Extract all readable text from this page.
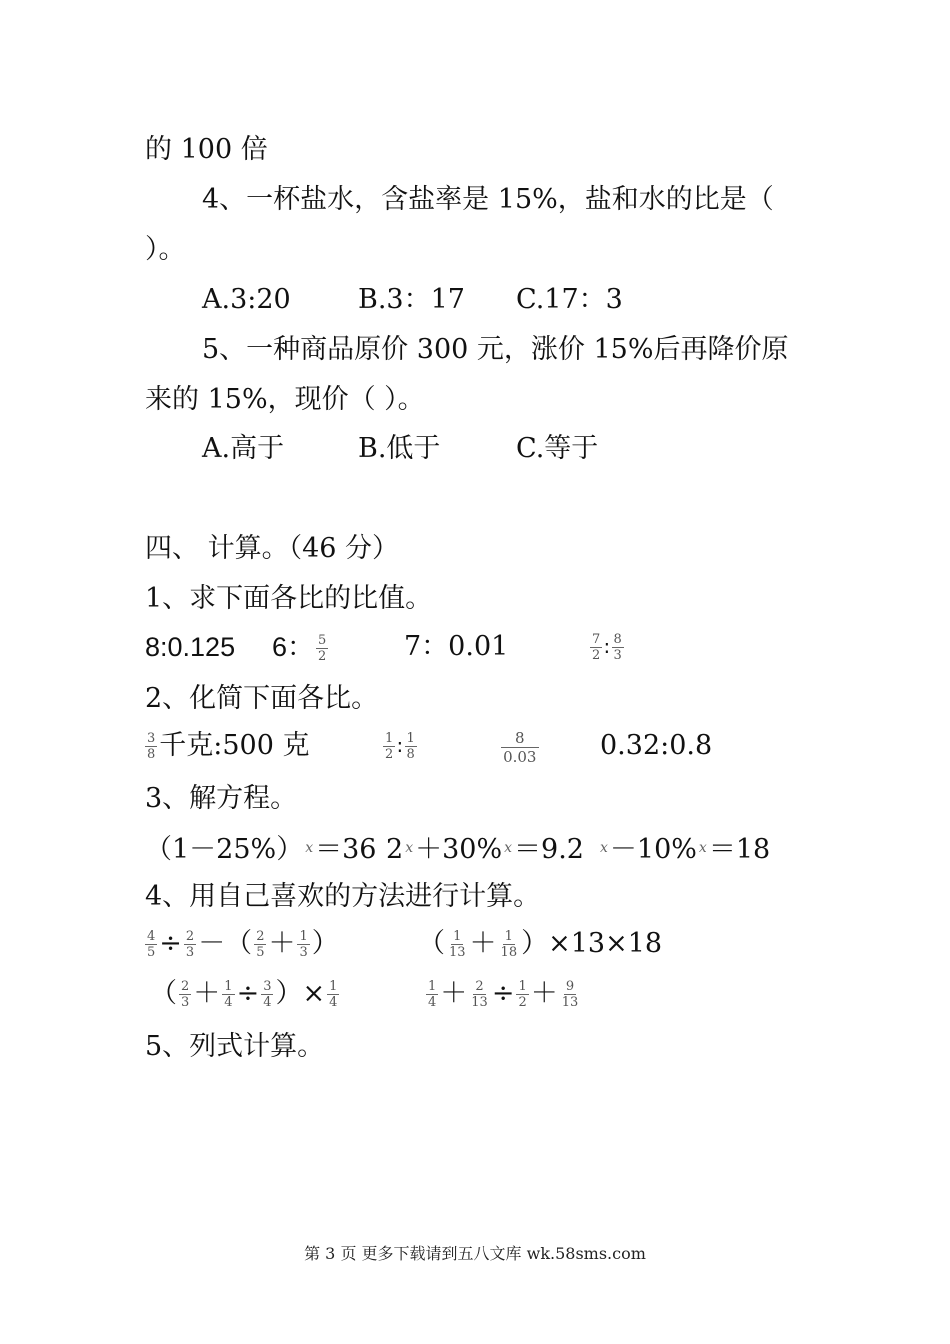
的 100 倍
4、一杯盐水，含盐率是 15%，盐和水的比是（
）。
A.3:20 B.3：17 C.17：3
5、一种商品原价 300 元，涨价 15%后再降价原
来的 15%，现价（ ）。
A.高于	B.低于	C.等于
四、 计算。（46 分）
1、求下面各比的比值。
8:0.125 6： $\frac{5}{2}$	7：0.01	$\frac{7}{2}$ ∶ $\frac{8}{3}$
2、化简下面各比。
$\frac{3}{8}$ 千克:500 克	$\frac{1}{2}$ ∶ $\frac{1}{8}$	$\frac{8}{0.03}$ 0.32:0.8
3、解方程。
（1－25%） $^x$＝36 2 $^x$＋30% $^x$＝9.2 $^x$－10% $^x$＝18
4、用自己喜欢的方法进行计算。
$\frac{4}{5} \div \frac{2}{3}$ －（ $\frac{2}{5} + \frac{1}{3}$ ）	（ $\frac{1}{13} + \frac{1}{18} )\times 13\times 18$
（ $\frac{2}{3} + \frac{1}{4} \div \frac{3}{4}$ ）× $\frac{1}{4}$	$\frac{1}{4} + \frac{2}{13} \div \frac{1}{2} + \frac{9}{13}$
5、列式计算。
第 3 页 更多下载请到五八文库 wk.58sms.com
